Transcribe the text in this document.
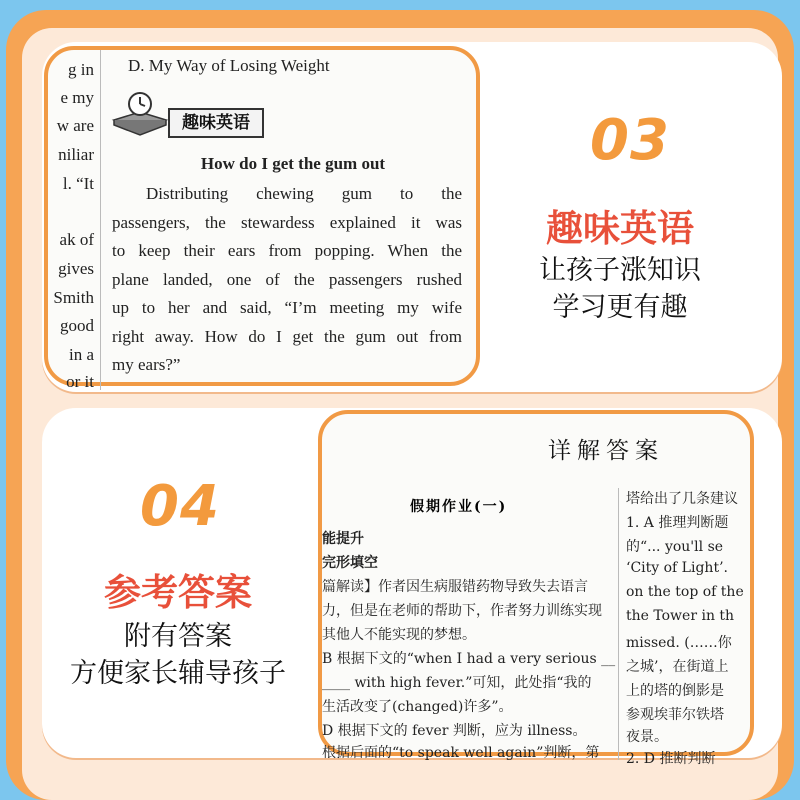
g in
e my
w are
niliar
l. “It
ak of
gives
Smith
good
in a
or it
D. My Way of Losing Weight
趣味英语
How do I get the gum out
Distributing chewing gum to the
passengers, the stewardess explained it was
to keep their ears from popping. When the
plane landed, one of the passengers rushed
up to her and said, “I’m meeting my wife
right away. How do I get the gum out from
my ears?”
03
趣味英语
让孩子涨知识
学习更有趣
04
参考答案
附有答案
方便家长辅导孩子
详解答案
假期作业(一)
能提升
完形填空
篇解读】作者因生病服错药物导致失去语言
力，但是在老师的帮助下，作者努力训练实现
其他人不能实现的梦想。
B 根据下文的“when I had a very serious __
____ with high fever.”可知，此处指“我的
生活改变了(changed)许多”。
D 根据下文的 fever 判断，应为 illness。
根据后面的“to speak well again”判断，第
塔给出了几条建议
1. A 推理判断题
的“... you'll se
‘City of Light’.
on the top of the
the Tower in th
missed. (……你
之城’，在街道上
上的塔的倒影是
参观埃菲尔铁塔
夜景。
2. D 推断判断
